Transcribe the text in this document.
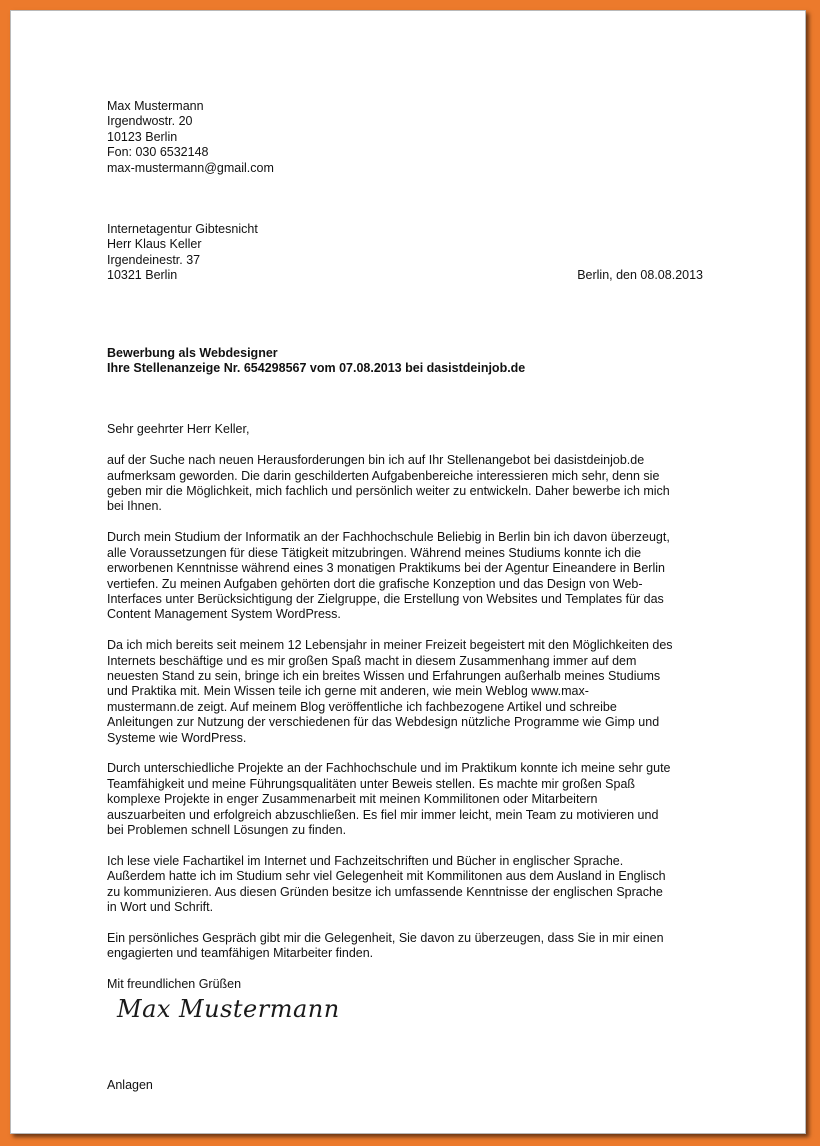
Max Mustermann
Irgendwostr. 20
10123 Berlin
Fon: 030 6532148
max-mustermann@gmail.com
Internetagentur Gibtesnicht
Herr Klaus Keller
Irgendeinestr. 37
10321 Berlin	Berlin, den 08.08.2013
Bewerbung als Webdesigner
Ihre Stellenanzeige Nr. 654298567 vom 07.08.2013 bei dasistdeinjob.de
Sehr geehrter Herr Keller,
auf der Suche nach neuen Herausforderungen bin ich auf Ihr Stellenangebot bei dasistdeinjob.de
aufmerksam geworden. Die darin geschilderten Aufgabenbereiche interessieren mich sehr, denn sie
geben mir die Möglichkeit, mich fachlich und persönlich weiter zu entwickeln. Daher bewerbe ich mich
bei Ihnen.
Durch mein Studium der Informatik an der Fachhochschule Beliebig in Berlin bin ich davon überzeugt,
alle Voraussetzungen für diese Tätigkeit mitzubringen. Während meines Studiums konnte ich die
erworbenen Kenntnisse während eines 3 monatigen Praktikums bei der Agentur Eineandere in Berlin
vertiefen. Zu meinen Aufgaben gehörten dort die grafische Konzeption und das Design von Web-
Interfaces unter Berücksichtigung der Zielgruppe, die Erstellung von Websites und Templates für das
Content Management System WordPress.
Da ich mich bereits seit meinem 12 Lebensjahr in meiner Freizeit begeistert mit den Möglichkeiten des
Internets beschäftige und es mir großen Spaß macht in diesem Zusammenhang immer auf dem
neuesten Stand zu sein, bringe ich ein breites Wissen und Erfahrungen außerhalb meines Studiums
und Praktika mit. Mein Wissen teile ich gerne mit anderen, wie mein Weblog www.max-
mustermann.de zeigt. Auf meinem Blog veröffentliche ich fachbezogene Artikel und schreibe
Anleitungen zur Nutzung der verschiedenen für das Webdesign nützliche Programme wie Gimp und
Systeme wie WordPress.
Durch unterschiedliche Projekte an der Fachhochschule und im Praktikum konnte ich meine sehr gute
Teamfähigkeit und meine Führungsqualitäten unter Beweis stellen. Es machte mir großen Spaß
komplexe Projekte in enger Zusammenarbeit mit meinen Kommilitonen oder Mitarbeitern
auszuarbeiten und erfolgreich abzuschließen. Es fiel mir immer leicht, mein Team zu motivieren und
bei Problemen schnell Lösungen zu finden.
Ich lese viele Fachartikel im Internet und Fachzeitschriften und Bücher in englischer Sprache.
Außerdem hatte ich im Studium sehr viel Gelegenheit mit Kommilitonen aus dem Ausland in Englisch
zu kommunizieren. Aus diesen Gründen besitze ich umfassende Kenntnisse der englischen Sprache
in Wort und Schrift.
Ein persönliches Gespräch gibt mir die Gelegenheit, Sie davon zu überzeugen, dass Sie in mir einen
engagierten und teamfähigen Mitarbeiter finden.
Mit freundlichen Grüßen
Max Mustermann
Anlagen
